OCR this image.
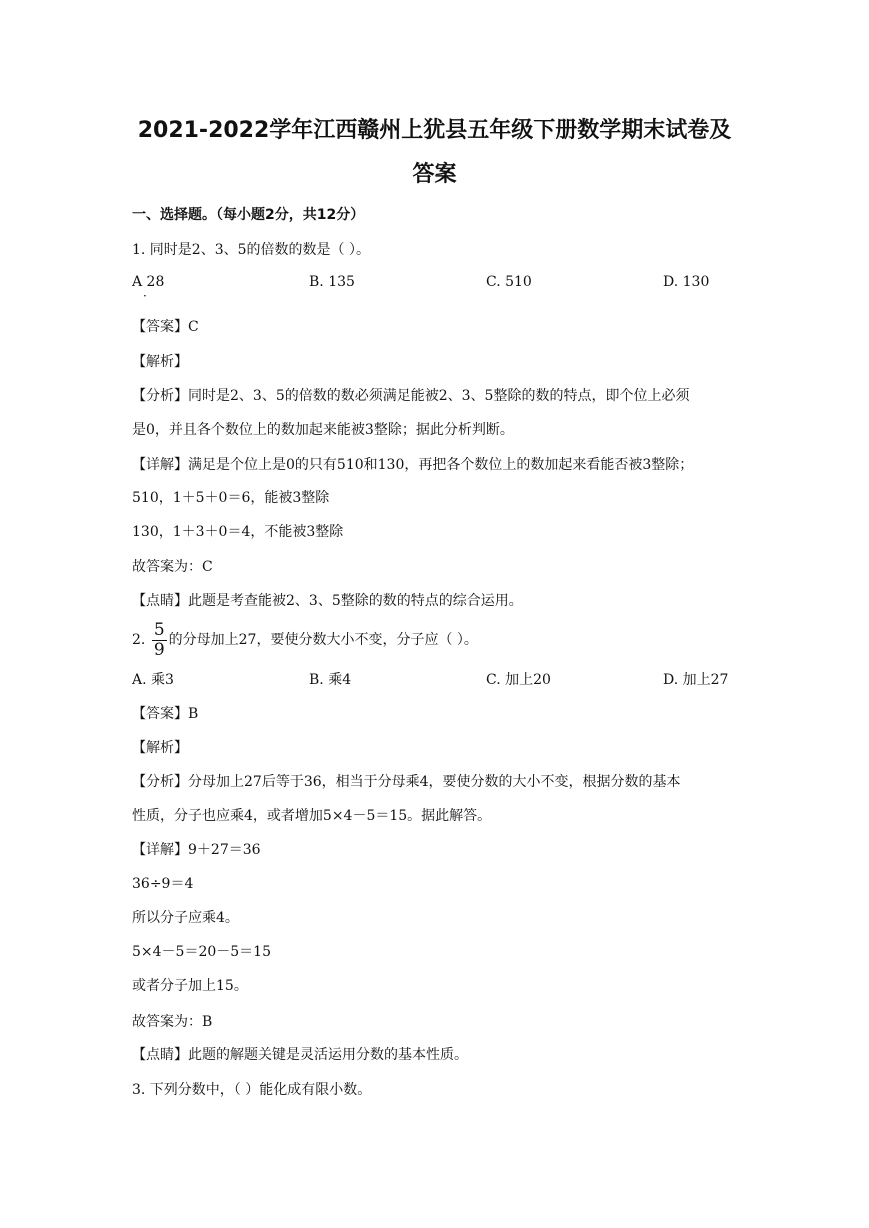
2021-2022学年江西赣州上犹县五年级下册数学期末试卷及
答案
一、选择题。（每小题2分，共12分）
1. 同时是2、3、5的倍数的数是（ ）。
A 28
·
B. 135	C. 510	D. 130
【答案】C
【解析】
【分析】同时是2、3、5的倍数的数必须满足能被2、3、5整除的数的特点，即个位上必须
是0，并且各个数位上的数加起来能被3整除；据此分析判断。
【详解】满足是个位上是0的只有510和130，再把各个数位上的数加起来看能否被3整除；
510，1＋5＋0＝6，能被3整除
130，1＋3＋0＝4，不能被3整除
故答案为：C
【点睛】此题是考查能被2、3、5整除的数的特点的综合运用。
2. $\frac{5}{9}$ 的分母加上27，要使分数大小不变，分子应（ ）。
A. 乘3	B. 乘4	C. 加上20	D. 加上27
【答案】B
【解析】
【分析】分母加上27后等于36，相当于分母乘4，要使分数的大小不变，根据分数的基本
性质，分子也应乘4，或者增加5×4－5＝15。据此解答。
【详解】9＋27＝36
36÷9＝4
所以分子应乘4。
5×4－5＝20－5＝15
或者分子加上15。
故答案为：B
【点睛】此题的解题关键是灵活运用分数的基本性质。
3. 下列分数中，（ ）能化成有限小数。
